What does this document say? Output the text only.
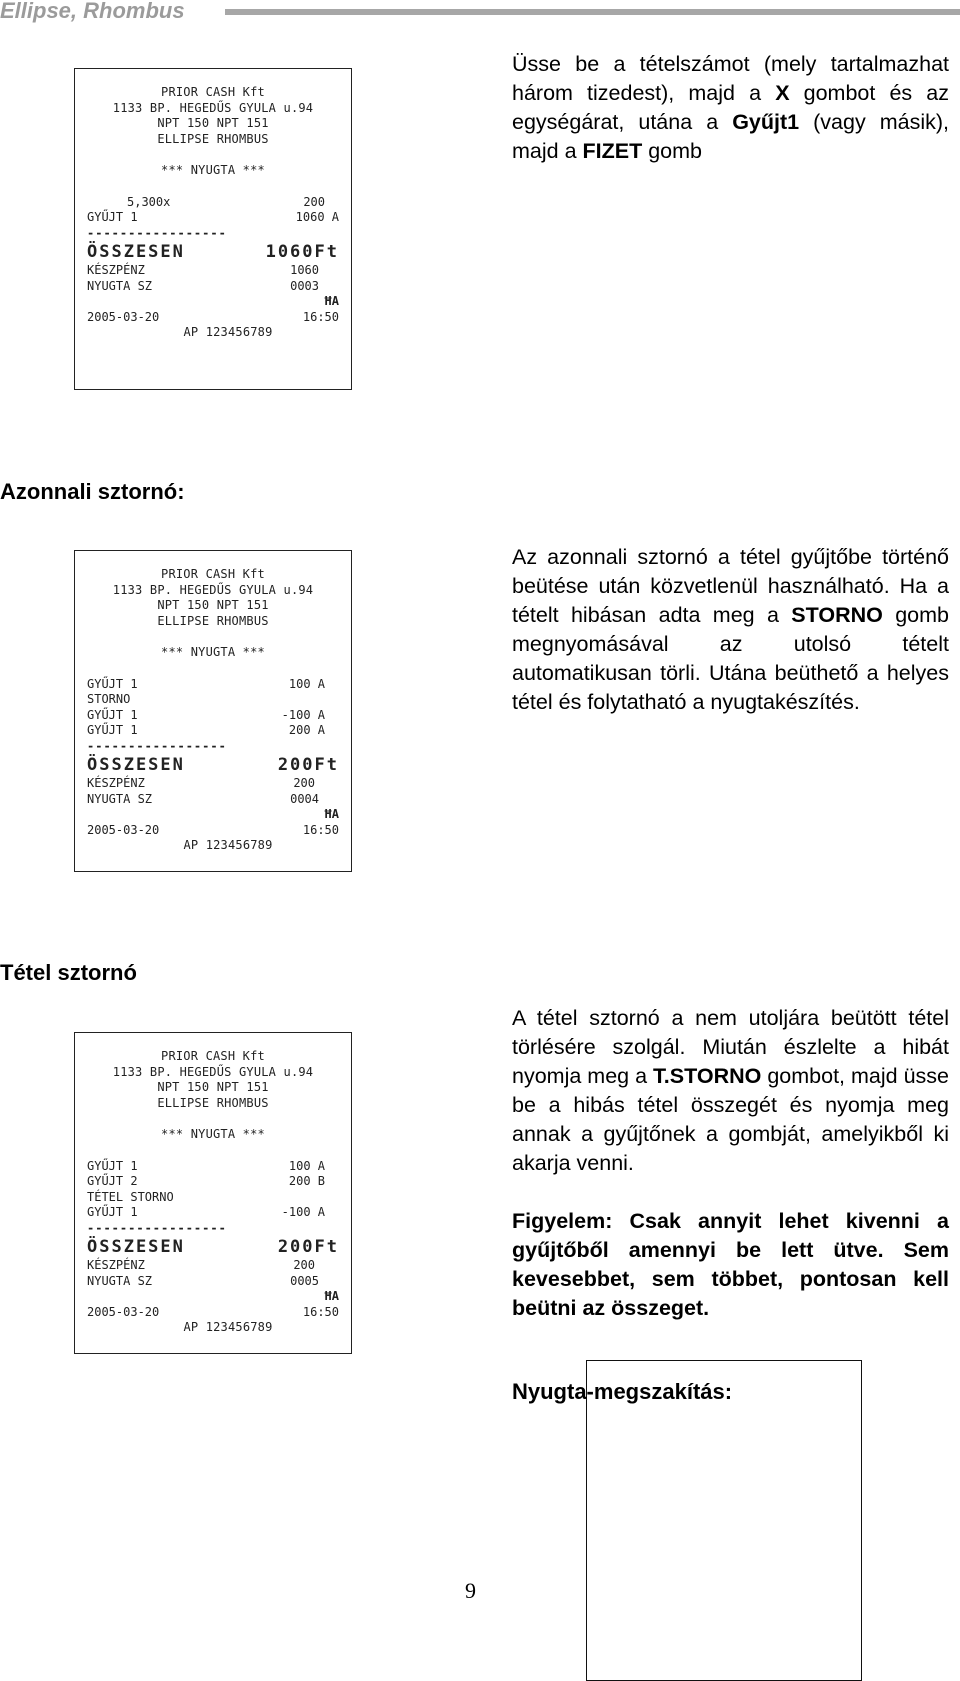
Ellipse, Rhombus
PRIOR CASH Kft
1133 BP. HEGEDŰS GYULA u.94
NPT 150 NPT 151
ELLIPSE RHOMBUS
*** NYUGTA ***
5,300x	200
GYŰJT 1	1060 A
-----------------
ÖSSZESEN	1060Ft
KÉSZPÉNZ	1060
NYUGTA SZ	0003
ĦA
2005-03-20	16:50
AP 123456789
Üsse be a tételszámot (mely tartalmazhat három tizedest), majd a X gombot és az egységárat, utána a Gyűjt1 (vagy másik), majd a FIZET gomb
Azonnali sztornó:
PRIOR CASH Kft
1133 BP. HEGEDŰS GYULA u.94
NPT 150 NPT 151
ELLIPSE RHOMBUS
*** NYUGTA ***
GYŰJT 1	100 A
STORNO
GYŰJT 1	-100 A
GYŰJT 1	200 A
-----------------
ÖSSZESEN	200Ft
KÉSZPÉNZ	200
NYUGTA SZ	0004
ĦA
2005-03-20	16:50
AP 123456789
Az azonnali sztornó a tétel gyűjtőbe történő beütése után közvetlenül használható. Ha a tételt hibásan adta meg a STORNO gomb megnyomásával az utolsó tételt automatikusan törli. Utána beüthető a helyes tétel és folytatható a nyugtakészítés.
Tétel sztornó
PRIOR CASH Kft
1133 BP. HEGEDŰS GYULA u.94
NPT 150 NPT 151
ELLIPSE RHOMBUS
*** NYUGTA ***
GYŰJT 1	100 A
GYŰJT 2	200 B
TÉTEL STORNO
GYŰJT 1	-100 A
-----------------
ÖSSZESEN	200Ft
KÉSZPÉNZ	200
NYUGTA SZ	0005
ĦA
2005-03-20	16:50
AP 123456789
A tétel sztornó a nem utoljára beütött tétel törlésére szolgál. Miután észlelte a hibát nyomja meg a T.STORNO gombot, majd üsse be a hibás tétel összegét és nyomja meg annak a gyűjtőnek a gombját, amelyikből ki akarja venni.
Figyelem: Csak annyit lehet kivenni a gyűjtőből amennyi be lett ütve. Sem kevesebbet, sem többet, pontosan kell beütni az összeget.
Nyugta-megszakítás:
9
